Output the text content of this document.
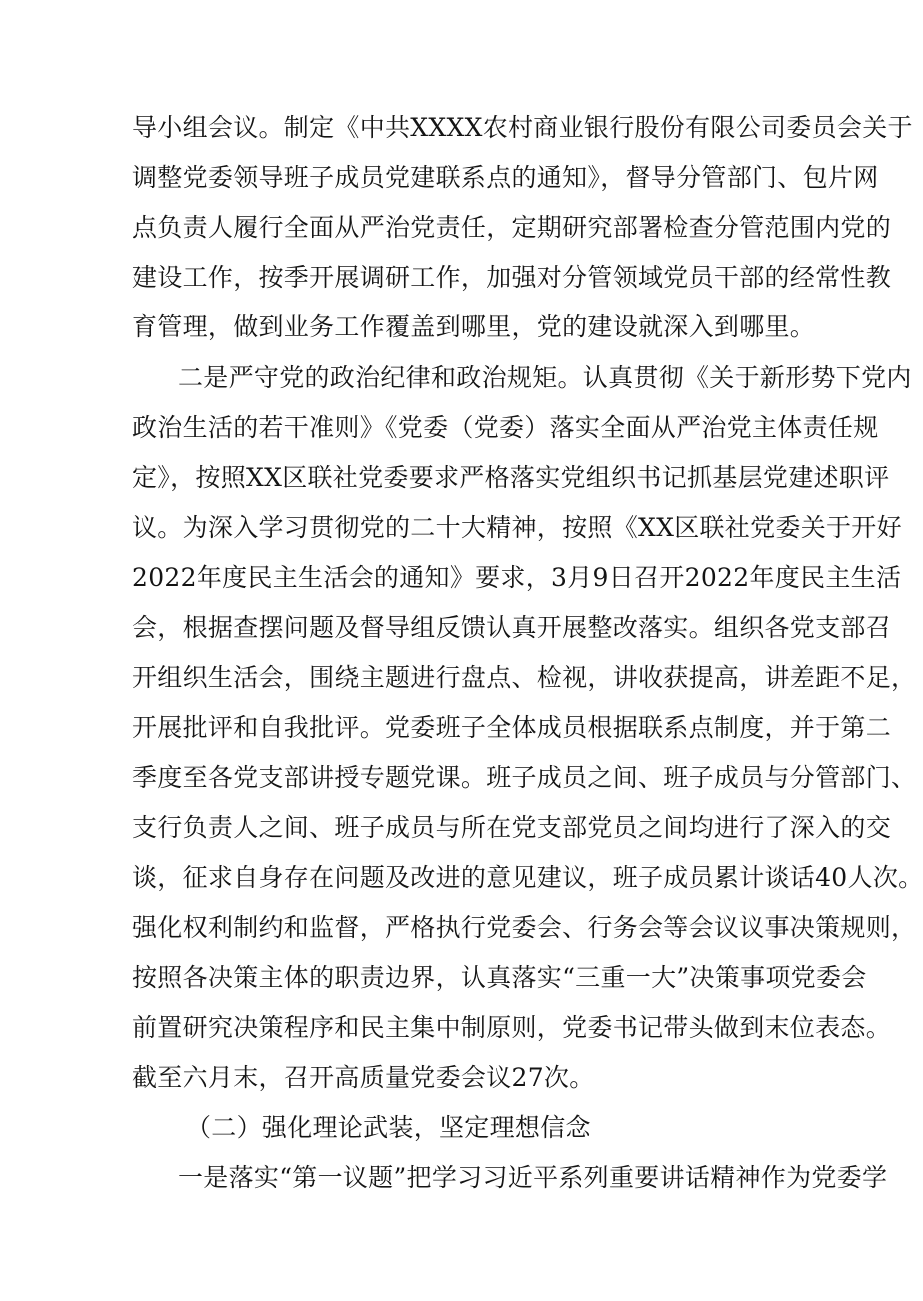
导小组会议。制定《中共XXXX农村商业银行股份有限公司委员会关于
调整党委领导班子成员党建联系点的通知》，督导分管部门、包片网
点负责人履行全面从严治党责任，定期研究部署检查分管范围内党的
建设工作，按季开展调研工作，加强对分管领域党员干部的经常性教
育管理，做到业务工作覆盖到哪里，党的建设就深入到哪里。
二是严守党的政治纪律和政治规矩。认真贯彻《关于新形势下党内
政治生活的若干准则》《党委（党委）落实全面从严治党主体责任规
定》，按照XX区联社党委要求严格落实党组织书记抓基层党建述职评
议。为深入学习贯彻党的二十大精神，按照《XX区联社党委关于开好
2022年度民主生活会的通知》要求，3月9日召开2022年度民主生活
会，根据查摆问题及督导组反馈认真开展整改落实。组织各党支部召
开组织生活会，围绕主题进行盘点、检视，讲收获提高，讲差距不足，
开展批评和自我批评。党委班子全体成员根据联系点制度，并于第二
季度至各党支部讲授专题党课。班子成员之间、班子成员与分管部门、
支行负责人之间、班子成员与所在党支部党员之间均进行了深入的交
谈，征求自身存在问题及改进的意见建议，班子成员累计谈话40人次。
强化权利制约和监督，严格执行党委会、行务会等会议议事决策规则，
按照各决策主体的职责边界，认真落实“三重一大”决策事项党委会
前置研究决策程序和民主集中制原则，党委书记带头做到末位表态。
截至六月末，召开高质量党委会议27次。
（二）强化理论武装，坚定理想信念
一是落实“第一议题”把学习习近平系列重要讲话精神作为党委学
